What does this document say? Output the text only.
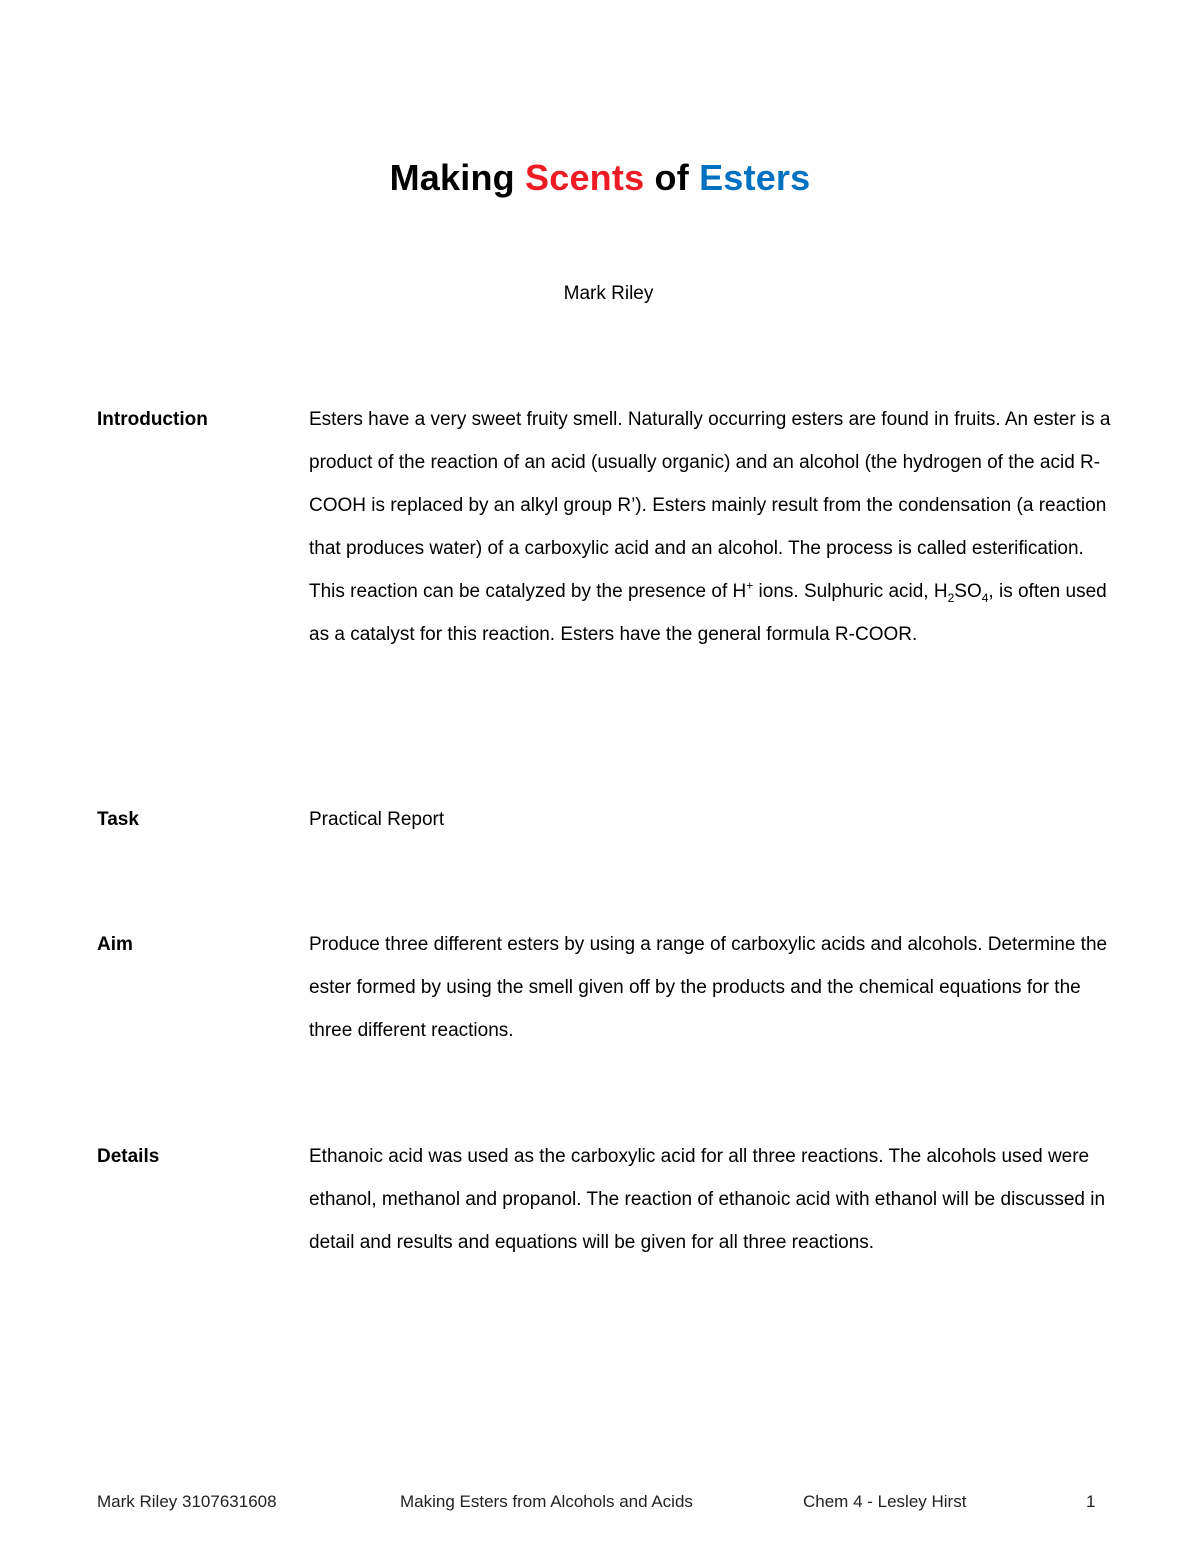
Making Scents of Esters
Mark Riley
Introduction	Esters have a very sweet fruity smell. Naturally occurring esters are found in fruits. An ester is a product of the reaction of an acid (usually organic) and an alcohol (the hydrogen of the acid R-COOH is replaced by an alkyl group R’). Esters mainly result from the condensation (a reaction that produces water) of a carboxylic acid and an alcohol. The process is called esterification. This reaction can be catalyzed by the presence of H+ ions. Sulphuric acid, $H_2SO_4$, is often used as a catalyst for this reaction. Esters have the general formula R-COOR.

Task	Practical Report

Aim	Produce three different esters by using a range of carboxylic acids and alcohols. Determine the ester formed by using the smell given off by the products and the chemical equations for the three different reactions.

Details	Ethanoic acid was used as the carboxylic acid for all three reactions. The alcohols used were ethanol, methanol and propanol. The reaction of ethanoic acid with ethanol will be discussed in detail and results and equations will be given for all three reactions.

Mark Riley 3107631608	Making Esters from Alcohols and Acids	Chem 4 - Lesley Hirst	1
